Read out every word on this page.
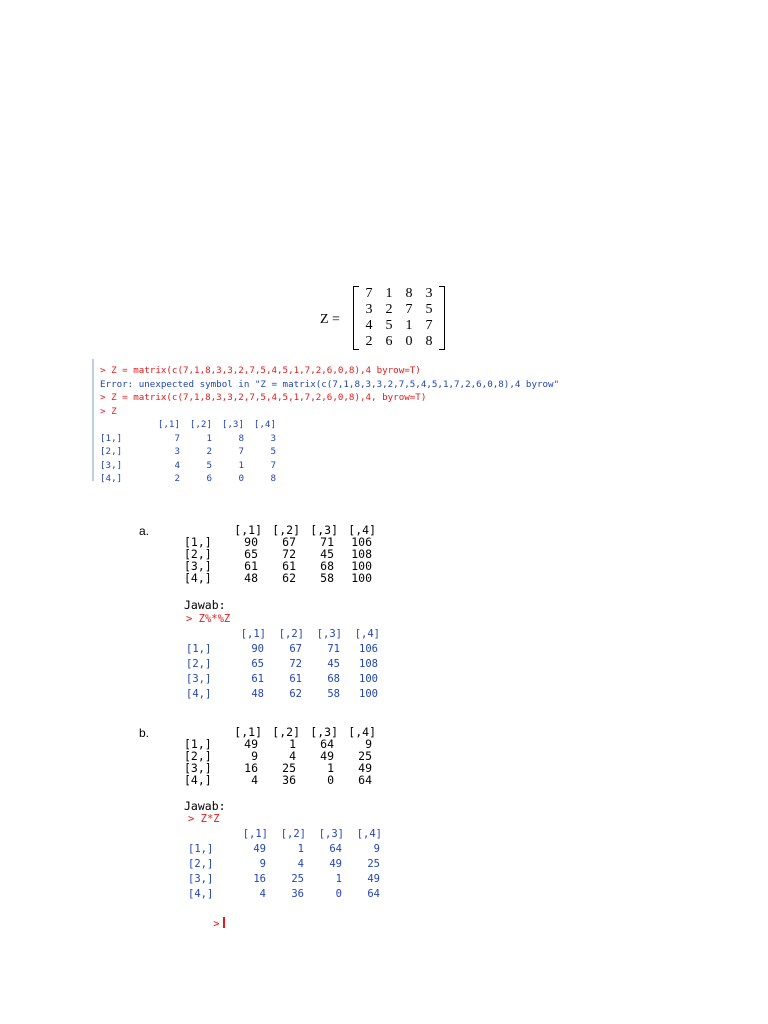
Z =
7 1 8 3
3 2 7 5
4 5 1 7
2 6 0 8
> Z = matrix(c(7,1,8,3,3,2,7,5,4,5,1,7,2,6,0,8),4 byrow=T)
Error: unexpected symbol in "Z = matrix(c(7,1,8,3,3,2,7,5,4,5,1,7,2,6,0,8),4 byrow"
> Z = matrix(c(7,1,8,3,3,2,7,5,4,5,1,7,2,6,0,8),4, byrow=T)
> Z
	[,1]	[,2]	[,3]	[,4]
[1,]	7	1	8	3
[2,]	3	2	7	5
[3,]	4	5	1	7
[4,]	2	6	0	8
a.
		[,1]	[,2]	[,3]	[,4]
[1,]	90	67	71	106
[2,]	65	72	45	108
[3,]	61	61	68	100
[4,]	48	62	58	100
Jawab:
> Z%*%Z
	[,1]	[,2]	[,3]	[,4]
[1,]	90	67	71	106
[2,]	65	72	45	108
[3,]	61	61	68	100
[4,]	48	62	58	100
b.
		[,1]	[,2]	[,3]	[,4]
[1,]	49	1	64	9
[2,]	9	4	49	25
[3,]	16	25	1	49
[4,]	4	36	0	64
Jawab:
> Z*Z
	[,1]	[,2]	[,3]	[,4]
[1,]	49	1	64	9
[2,]	9	4	49	25
[3,]	16	25	1	49
[4,]	4	36	0	64

>
